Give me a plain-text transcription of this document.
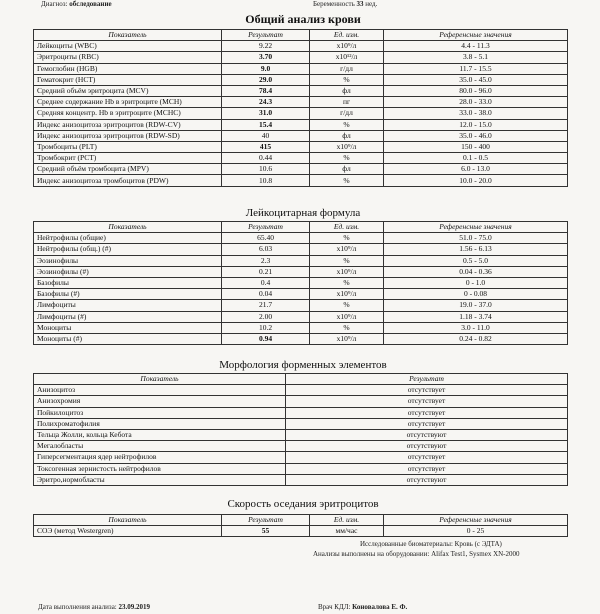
Диагноз: обследование	Беременность 33 нед.
Общий анализ крови
Показатель	Результат	Ед. изм.	Референсные значения
Лейкоциты (WBC)	9.22	x10⁹/л	4.4 - 11.3
Эритроциты (RBC)	3.70	x10¹²/л	3.8 - 5.1
Гемоглобин (HGB)	9.0	г/дл	11.7 - 15.5
Гематокрит (HCT)	29.0	%	35.0 - 45.0
Средний объём эритроцита (MCV)	78.4	фл	80.0 - 96.0
Среднее содержание Hb в эритроците (MCH)	24.3	пг	28.0 - 33.0
Средняя концентр. Hb в эритроците (MCHC)	31.0	г/дл	33.0 - 38.0
Индекс анизоцитоза эритроцитов (RDW-CV)	15.4	%	12.0 - 15.0
Индекс анизоцитоза эритроцитов (RDW-SD)	40	фл	35.0 - 46.0
Тромбоциты (PLT)	415	x10⁹/л	150 - 400
Тромбокрит (PCT)	0.44	%	0.1 - 0.5
Средний объём тромбоцита (MPV)	10.6	фл	6.0 - 13.0
Индекс анизоцитоза тромбоцитов (PDW)	10.8	%	10.0 - 20.0
Лейкоцитарная формула
Показатель	Результат	Ед. изм.	Референсные значения
Нейтрофилы (общие)	65.40	%	51.0 - 75.0
Нейтрофилы (общ.) (#)	6.03	x10⁹/л	1.56 - 6.13
Эозинофилы	2.3	%	0.5 - 5.0
Эозинофилы (#)	0.21	x10⁹/л	0.04 - 0.36
Базофилы	0.4	%	0 - 1.0
Базофилы (#)	0.04	x10⁹/л	0 - 0.08
Лимфоциты	21.7	%	19.0 - 37.0
Лимфоциты (#)	2.00	x10⁹/л	1.18 - 3.74
Моноциты	10.2	%	3.0 - 11.0
Моноциты (#)	0.94	x10⁹/л	0.24 - 0.82
Морфология форменных элементов
Показатель	Результат
Анизоцитоз	отсутствует
Анизохромия	отсутствует
Пойкилоцитоз	отсутствует
Полихроматофилия	отсутствует
Тельца Жолли, кольца Кебота	отсутствуют
Мегалобласты	отсутствуют
Гиперсегментация ядер нейтрофилов	отсутствует
Токсогенная зернистость нейтрофилов	отсутствует
Эритро,нормобласты	отсутствуют
Скорость оседания эритроцитов
Показатель	Результат	Ед. изм.	Референсные значения
СОЭ (метод Westergren)	55	мм/час	0 - 25
Исследованные биоматериалы: Кровь (с ЭДТА)
Анализы выполнены на оборудовании: Alifax Test1, Sysmex XN-2000
Дата выполнения анализа: 23.09.2019	Врач КДЛ: Коновалова Е. Ф.
